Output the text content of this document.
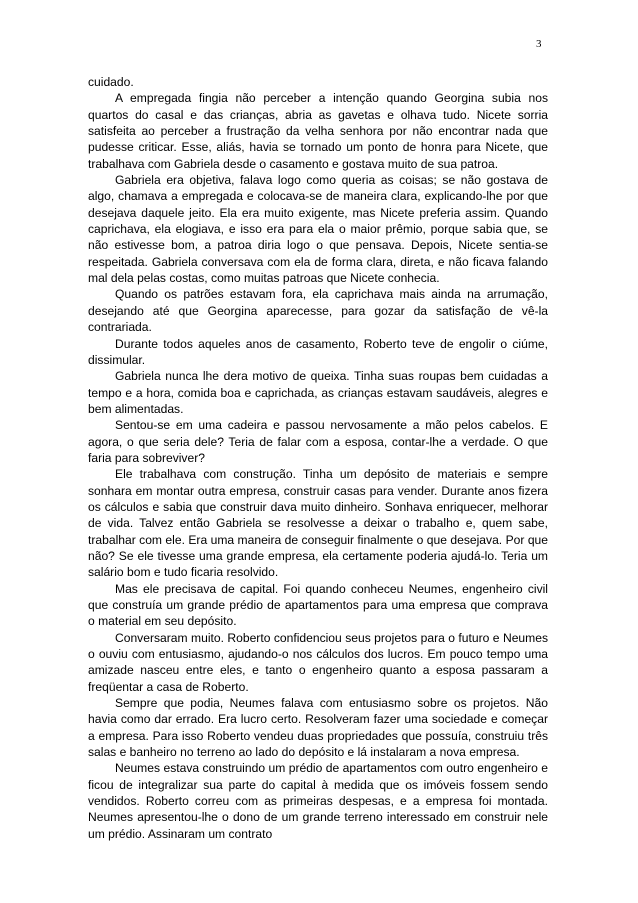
3

cuidado.

A empregada fingia não perceber a intenção quando Georgina subia nos quartos do casal e das crianças, abria as gavetas e olhava tudo. Nicete sorria satisfeita ao perceber a frustração da velha senhora por não encontrar nada que pudesse criticar. Esse, aliás, havia se tornado um ponto de honra para Nicete, que trabalhava com Gabriela desde o casamento e gostava muito de sua patroa.

Gabriela era objetiva, falava logo como queria as coisas; se não gostava de algo, chamava a empregada e colocava-se de maneira clara, explicando-lhe por que desejava daquele jeito. Ela era muito exigente, mas Nicete preferia assim. Quando caprichava, ela elogiava, e isso era para ela o maior prêmio, porque sabia que, se não estivesse bom, a patroa diria logo o que pensava. Depois, Nicete sentia-se respeitada. Gabriela conversava com ela de forma clara, direta, e não ficava falando mal dela pelas costas, como muitas patroas que Nicete conhecia.

Quando os patrões estavam fora, ela caprichava mais ainda na arrumação, desejando até que Georgina aparecesse, para gozar da satisfação de vê-la contrariada.

Durante todos aqueles anos de casamento, Roberto teve de engolir o ciúme, dissimular.

Gabriela nunca lhe dera motivo de queixa. Tinha suas roupas bem cuidadas a tempo e a hora, comida boa e caprichada, as crianças estavam saudáveis, alegres e bem alimentadas.

Sentou-se em uma cadeira e passou nervosamente a mão pelos cabelos. E agora, o que seria dele? Teria de falar com a esposa, contar-lhe a verdade. O que faria para sobreviver?

Ele trabalhava com construção. Tinha um depósito de materiais e sempre sonhara em montar outra empresa, construir casas para vender. Durante anos fizera os cálculos e sabia que construir dava muito dinheiro. Sonhava enriquecer, melhorar de vida. Talvez então Gabriela se resolvesse a deixar o trabalho e, quem sabe, trabalhar com ele. Era uma maneira de conseguir finalmente o que desejava. Por que não? Se ele tivesse uma grande empresa, ela certamente poderia ajudá-lo. Teria um salário bom e tudo ficaria resolvido.

Mas ele precisava de capital. Foi quando conheceu Neumes, engenheiro civil que construía um grande prédio de apartamentos para uma empresa que comprava o material em seu depósito.

Conversaram muito. Roberto confidenciou seus projetos para o futuro e Neumes o ouviu com entusiasmo, ajudando-o nos cálculos dos lucros. Em pouco tempo uma amizade nasceu entre eles, e tanto o engenheiro quanto a esposa passaram a freqüentar a casa de Roberto.

Sempre que podia, Neumes falava com entusiasmo sobre os projetos. Não havia como dar errado. Era lucro certo. Resolveram fazer uma sociedade e começar a empresa. Para isso Roberto vendeu duas propriedades que possuía, construiu três salas e banheiro no terreno ao lado do depósito e lá instalaram a nova empresa.

Neumes estava construindo um prédio de apartamentos com outro engenheiro e ficou de integralizar sua parte do capital à medida que os imóveis fossem sendo vendidos. Roberto correu com as primeiras despesas, e a empresa foi montada. Neumes apresentou-lhe o dono de um grande terreno interessado em construir nele um prédio. Assinaram um contrato
